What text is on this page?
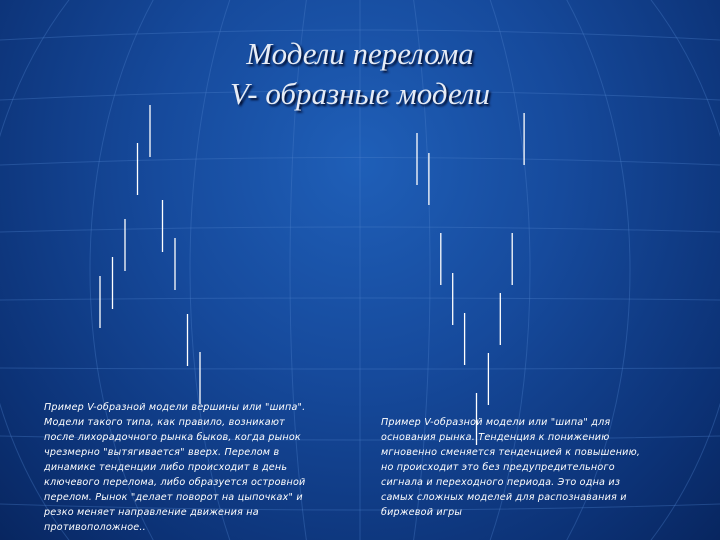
Модели перелома
V- образные модели
Пример V-образной модели вершины или "шипа".
Модели такого типа, как правило, возникают
после лихорадочного рынка быков, когда рынок
чрезмерно "вытягивается" вверх. Перелом в
динамике тенденции либо происходит в день
ключевого перелома, либо образуется островной
перелом. Рынок "делает поворот на цыпочках" и
резко меняет направление движения на
противоположное..
Пример V-образной модели или "шипа" для
основания рынка. Тенденция к понижению
мгновенно сменяется тенденцией к повышению,
но происходит это без предупредительного
сигнала и переходного периода. Это одна из
самых сложных моделей для распознавания и
биржевой игры
